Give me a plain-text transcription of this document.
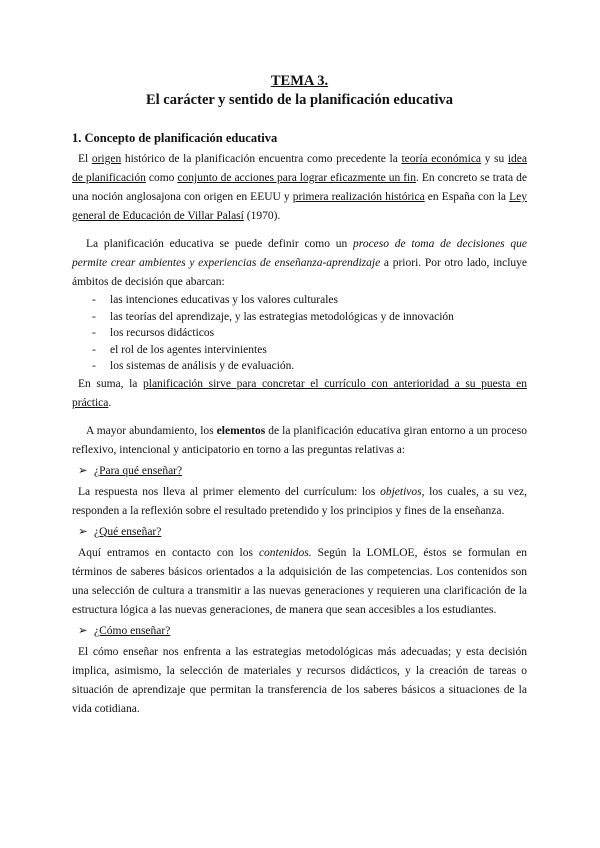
TEMA 3.
El carácter y sentido de la planificación educativa
1. Concepto de planificación educativa

El origen histórico de la planificación encuentra como precedente la teoría económica y su idea de planificación como conjunto de acciones para lograr eficazmente un fin. En concreto se trata de una noción anglosajona con origen en EEUU y primera realización histórica en España con la Ley general de Educación de Villar Palasí (1970).

La planificación educativa se puede definir como un proceso de toma de decisiones que permite crear ambientes y experiencias de enseñanza-aprendizaje a priori. Por otro lado, incluye ámbitos de decisión que abarcan:

- las intenciones educativas y los valores culturales
- las teorías del aprendizaje, y las estrategias metodológicas y de innovación
- los recursos didácticos
- el rol de los agentes intervinientes
- los sistemas de análisis y de evaluación.

En suma, la planificación sirve para concretar el currículo con anterioridad a su puesta en práctica.

A mayor abundamiento, los elementos de la planificación educativa giran entorno a un proceso reflexivo, intencional y anticipatorio en torno a las preguntas relativas a:

➢ ¿Para qué enseñar?

La respuesta nos lleva al primer elemento del currículum: los objetivos, los cuales, a su vez, responden a la reflexión sobre el resultado pretendido y los principios y fines de la enseñanza.

➢ ¿Qué enseñar?

Aquí entramos en contacto con los contenidos. Según la LOMLOE, éstos se formulan en términos de saberes básicos orientados a la adquisición de las competencias. Los contenidos son una selección de cultura a transmitir a las nuevas generaciones y requieren una clarificación de la estructura lógica a las nuevas generaciones, de manera que sean accesibles a los estudiantes.

➢ ¿Cómo enseñar?

El cómo enseñar nos enfrenta a las estrategias metodológicas más adecuadas; y esta decisión implica, asimismo, la selección de materiales y recursos didácticos, y la creación de tareas o situación de aprendizaje que permitan la transferencia de los saberes básicos a situaciones de la vida cotidiana.
